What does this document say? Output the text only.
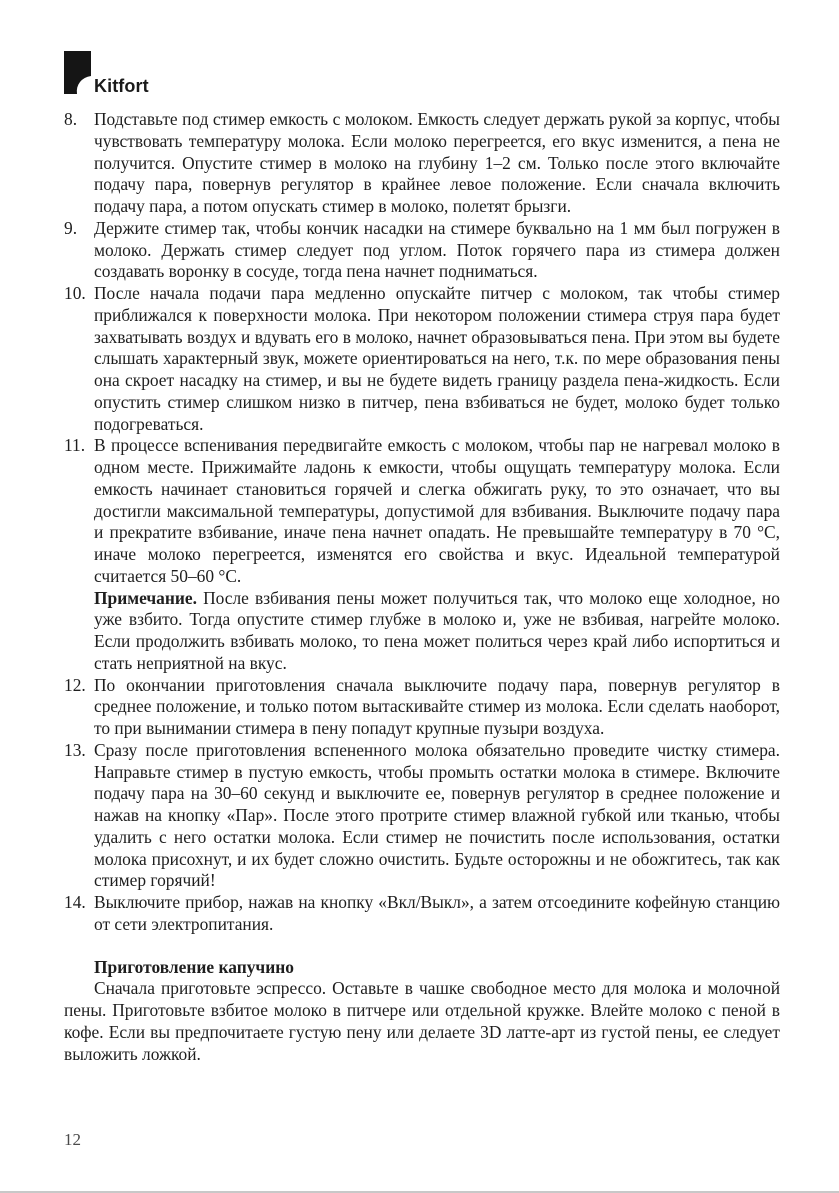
Kitfort
8. Подставьте под стимер емкость с молоком. Емкость следует держать рукой за корпус, чтобы чувствовать температуру молока. Если молоко перегреется, его вкус изменится, а пена не получится. Опустите стимер в молоко на глубину 1–2 см. Только после этого включайте подачу пара, повернув регулятор в крайнее левое положение. Если сначала включить подачу пара, а потом опускать стимер в молоко, полетят брызги.
9. Держите стимер так, чтобы кончик насадки на стимере буквально на 1 мм был погружен в молоко. Держать стимер следует под углом. Поток горячего пара из стимера должен создавать воронку в сосуде, тогда пена начнет подниматься.
10. После начала подачи пара медленно опускайте питчер с молоком, так чтобы стимер приближался к поверхности молока. При некотором положении стимера струя пара будет захватывать воздух и вдувать его в молоко, начнет образовываться пена. При этом вы будете слышать характерный звук, можете ориентироваться на него, т.к. по мере образования пены она скроет насадку на стимер, и вы не будете видеть границу раздела пена-жидкость. Если опустить стимер слишком низко в питчер, пена взбиваться не будет, молоко будет только подогреваться.
11. В процессе вспенивания передвигайте емкость с молоком, чтобы пар не нагревал молоко в одном месте. Прижимайте ладонь к емкости, чтобы ощущать температуру молока. Если емкость начинает становиться горячей и слегка обжигать руку, то это означает, что вы достигли максимальной температуры, допустимой для взбивания. Выключите подачу пара и прекратите взбивание, иначе пена начнет опадать. Не превышайте температуру в 70 °С, иначе молоко перегреется, изменятся его свойства и вкус. Идеальной температурой считается 50–60 °С.
Примечание. После взбивания пены может получиться так, что молоко еще холодное, но уже взбито. Тогда опустите стимер глубже в молоко и, уже не взбивая, нагрейте молоко. Если продолжить взбивать молоко, то пена может политься через край либо испортиться и стать неприятной на вкус.
12. По окончании приготовления сначала выключите подачу пара, повернув регулятор в среднее положение, и только потом вытаскивайте стимер из молока. Если сделать наоборот, то при вынимании стимера в пену попадут крупные пузыри воздуха.
13. Сразу после приготовления вспененного молока обязательно проведите чистку стимера. Направьте стимер в пустую емкость, чтобы промыть остатки молока в стимере. Включите подачу пара на 30–60 секунд и выключите ее, повернув регулятор в среднее положение и нажав на кнопку «Пар». После этого протрите стимер влажной губкой или тканью, чтобы удалить с него остатки молока. Если стимер не почистить после использования, остатки молока присохнут, и их будет сложно очистить. Будьте осторожны и не обожгитесь, так как стимер горячий!
14. Выключите прибор, нажав на кнопку «Вкл/Выкл», а затем отсоедините кофейную станцию от сети электропитания.
Приготовление капучино
Сначала приготовьте эспрессо. Оставьте в чашке свободное место для молока и молочной пены. Приготовьте взбитое молоко в питчере или отдельной кружке. Влейте молоко с пеной в кофе. Если вы предпочитаете густую пену или делаете 3D латте-арт из густой пены, ее следует выложить ложкой.
12
